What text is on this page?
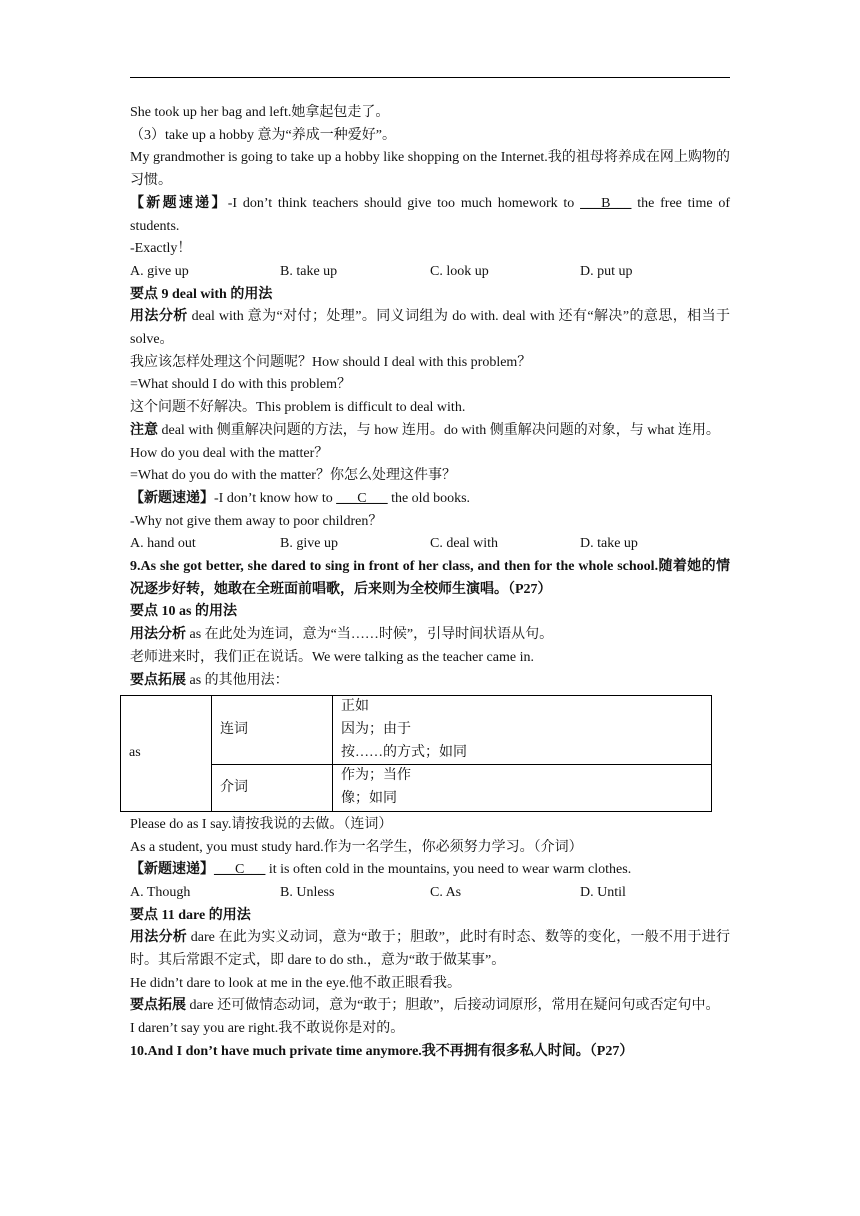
She took up her bag and left.她拿起包走了。

（3）take up a hobby 意为“养成一种爱好”。

My grandmother is going to take up a hobby like shopping on the Internet.我的祖母将养成在网上购物的习惯。

【新题速递】-I don’t think teachers should give too much homework to ___B___ the free time of students.

-Exactly！

A. give up	B. take up	C. look up	D. put up

要点 9 deal with 的用法

用法分析 deal with 意为“对付；处理”。同义词组为 do with. deal with 还有“解决”的意思，相当于 solve。

我应该怎样处理这个问题呢？How should I deal with this problem？

=What should I do with this problem？

这个问题不好解决。This problem is difficult to deal with.

注意 deal with 侧重解决问题的方法，与 how 连用。do with 侧重解决问题的对象，与 what 连用。

How do you deal with the matter？

=What do you do with the matter？你怎么处理这件事？

【新题速递】-I don’t know how to ___C___ the old books.

-Why not give them away to poor children？

A. hand out	B. give up	C. deal with	D. take up

9.As she got better, she dared to sing in front of her class, and then for the whole school.随着她的情况逐步好转，她敢在全班面前唱歌，后来则为全校师生演唱。（P27）

要点 10 as 的用法

用法分析 as 在此处为连词，意为“当……时候”，引导时间状语从句。

老师进来时，我们正在说话。We were talking as the teacher came in.

要点拓展 as 的其他用法：

as	连词	正如
因为；由于
按……的方式；如同

	介词	作为；当作
像；如同

Please do as I say.请按我说的去做。（连词）

As a student, you must study hard.作为一名学生，你必须努力学习。（介词）

【新题速递】___C___ it is often cold in the mountains, you need to wear warm clothes.

A. Though	B. Unless	C. As	D. Until

要点 11 dare 的用法

用法分析 dare 在此为实义动词，意为“敢于；胆敢”，此时有时态、数等的变化，一般不用于进行时。其后常跟不定式，即 dare to do sth.，意为“敢于做某事”。

He didn’t dare to look at me in the eye.他不敢正眼看我。

要点拓展 dare 还可做情态动词，意为“敢于；胆敢”，后接动词原形，常用在疑问句或否定句中。

I daren’t say you are right.我不敢说你是对的。

10.And I don’t have much private time anymore.我不再拥有很多私人时间。（P27）
